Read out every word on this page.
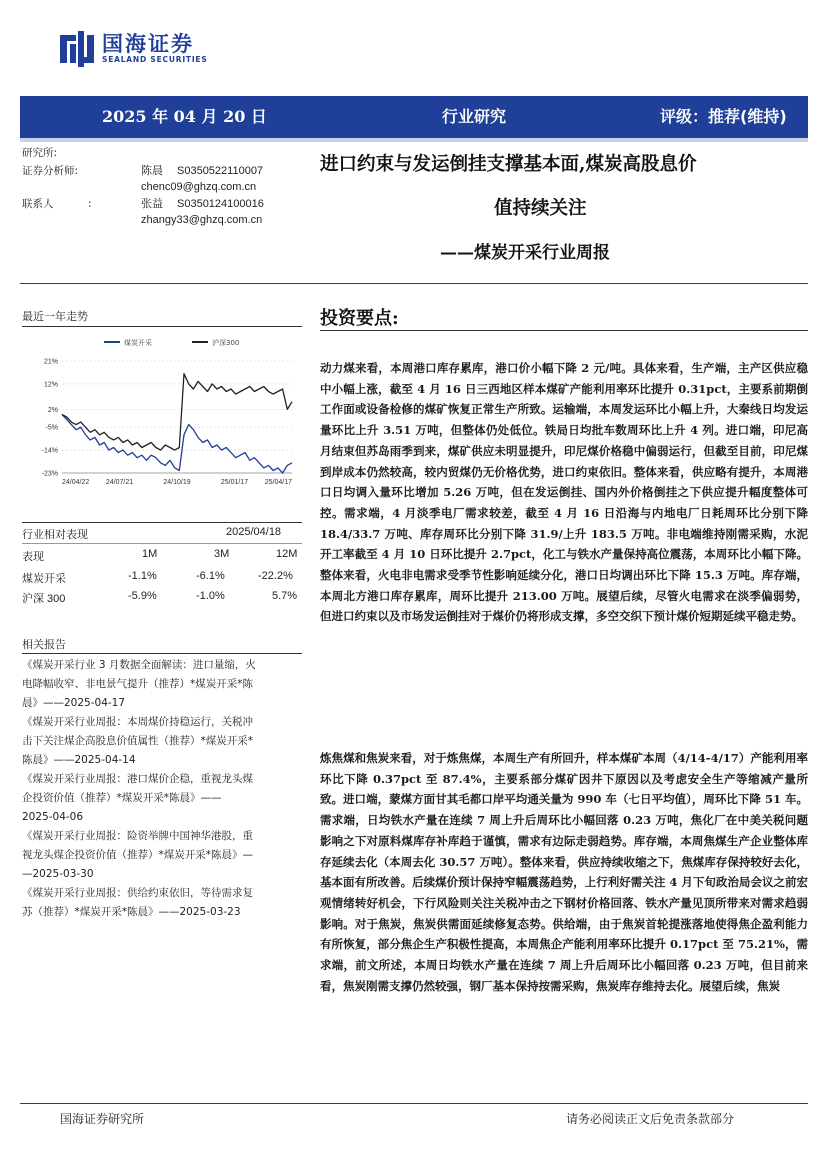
国海证券
SEALAND SECURITIES
2025 年 04 月 20 日	行业研究	评级：推荐(维持)
研究所:
证券分析师:	陈晨 S0350522110007
chenc09@ghzq.com.cn
联系人	:	张益 S0350124100016
zhangy33@ghzq.com.cn
进口约束与发运倒挂支撑基本面,煤炭高股息价
值持续关注
——煤炭开采行业周报
最近一年走势
煤炭开采	沪深300
21%
12%
2%
-5%
-14%
-23%
24/04/22 24/07/21	24/10/19	25/01/17 25/04/17
行业相对表现	2025/04/18
表现	1M	3M	12M
煤炭开采	-1.1%	-6.1%	-22.2%
沪深 300	-5.9%	-1.0%	5.7%
相关报告
《煤炭开采行业 3 月数据全面解读：进口量缩，火
电降幅收窄、非电景气提升（推荐）*煤炭开采*陈
晨》——2025-04-17
《煤炭开采行业周报：本周煤价持稳运行，关税冲
击下关注煤企高股息价值属性（推荐）*煤炭开采*
陈晨》——2025-04-14
《煤炭开采行业周报：港口煤价企稳，重视龙头煤
企投资价值（推荐）*煤炭开采*陈晨》——
2025-04-06
《煤炭开采行业周报：险资举牌中国神华港股，重
视龙头煤企投资价值（推荐）*煤炭开采*陈晨》—
—2025-03-30
《煤炭开采行业周报：供给约束依旧，等待需求复
苏（推荐）*煤炭开采*陈晨》——2025-03-23
投资要点:
动力煤来看，本周港口库存累库，港口价小幅下降 2 元/吨。具体来看，生产端，主产区供应稳中小幅上涨，截至 4 月 16 日三西地区样本煤矿产能利用率环比提升 0.31pct，主要系前期倒工作面或设备检修的煤矿恢复正常生产所致。运输端，本周发运环比小幅上升，大秦线日均发运量环比上升 3.51 万吨，但整体仍处低位。铁局日均批车数周环比上升 4 列。进口端，印尼高月结束但苏岛雨季到来，煤矿供应未明显提升，印尼煤价格稳中偏弱运行，但截至目前，印尼煤到岸成本仍然较高，较内贸煤仍无价格优势，进口约束依旧。整体来看，供应略有提升，本周港口日均调入量环比增加 5.26 万吨，但在发运倒挂、国内外价格倒挂之下供应提升幅度整体可控。需求端，4 月淡季电厂需求较差，截至 4 月 16 日沿海与内地电厂日耗周环比分别下降 18.4/33.7 万吨、库存周环比分别下降 31.9/上升 183.5 万吨。非电端维持刚需采购，水泥开工率截至 4 月 10 日环比提升 2.7pct，化工与铁水产量保持高位震荡，本周环比小幅下降。整体来看，火电非电需求受季节性影响延续分化，港口日均调出环比下降 15.3 万吨。库存端，本周北方港口库存累库，周环比提升 213.00 万吨。展望后续，尽管火电需求在淡季偏弱势，但进口约束以及市场发运倒挂对于煤价仍将形成支撑，多空交织下预计煤价短期延续平稳走势。
炼焦煤和焦炭来看，对于炼焦煤，本周生产有所回升，样本煤矿本周（4/14-4/17）产能利用率环比下降 0.37pct 至 87.4%，主要系部分煤矿因井下原因以及考虑安全生产等缩减产量所致。进口端，蒙煤方面甘其毛都口岸平均通关量为 990 车（七日平均值），周环比下降 51 车。需求端，日均铁水产量在连续 7 周上升后周环比小幅回落 0.23 万吨，焦化厂在中美关税问题影响之下对原料煤库存补库趋于谨慎，需求有边际走弱趋势。库存端，本周焦煤生产企业整体库存延续去化（本周去化 30.57 万吨）。整体来看，供应持续收缩之下，焦煤库存保持较好去化，基本面有所改善。后续煤价预计保持窄幅震荡趋势，上行利好需关注 4 月下旬政治局会议之前宏观情绪转好机会，下行风险则关注关税冲击之下钢材价格回落、铁水产量见顶所带来对需求趋弱影响。对于焦炭，焦炭供需面延续修复态势。供给端，由于焦炭首轮提涨落地使得焦企盈利能力有所恢复，部分焦企生产积极性提高，本周焦企产能利用率环比提升 0.17pct 至 75.21%，需求端，前文所述，本周日均铁水产量在连续 7 周上升后周环比小幅回落 0.23 万吨，但目前来看，焦炭刚需支撑仍然较强，钢厂基本保持按需采购，焦炭库存维持去化。展望后续，焦炭
国海证券研究所	请务必阅读正文后免责条款部分
